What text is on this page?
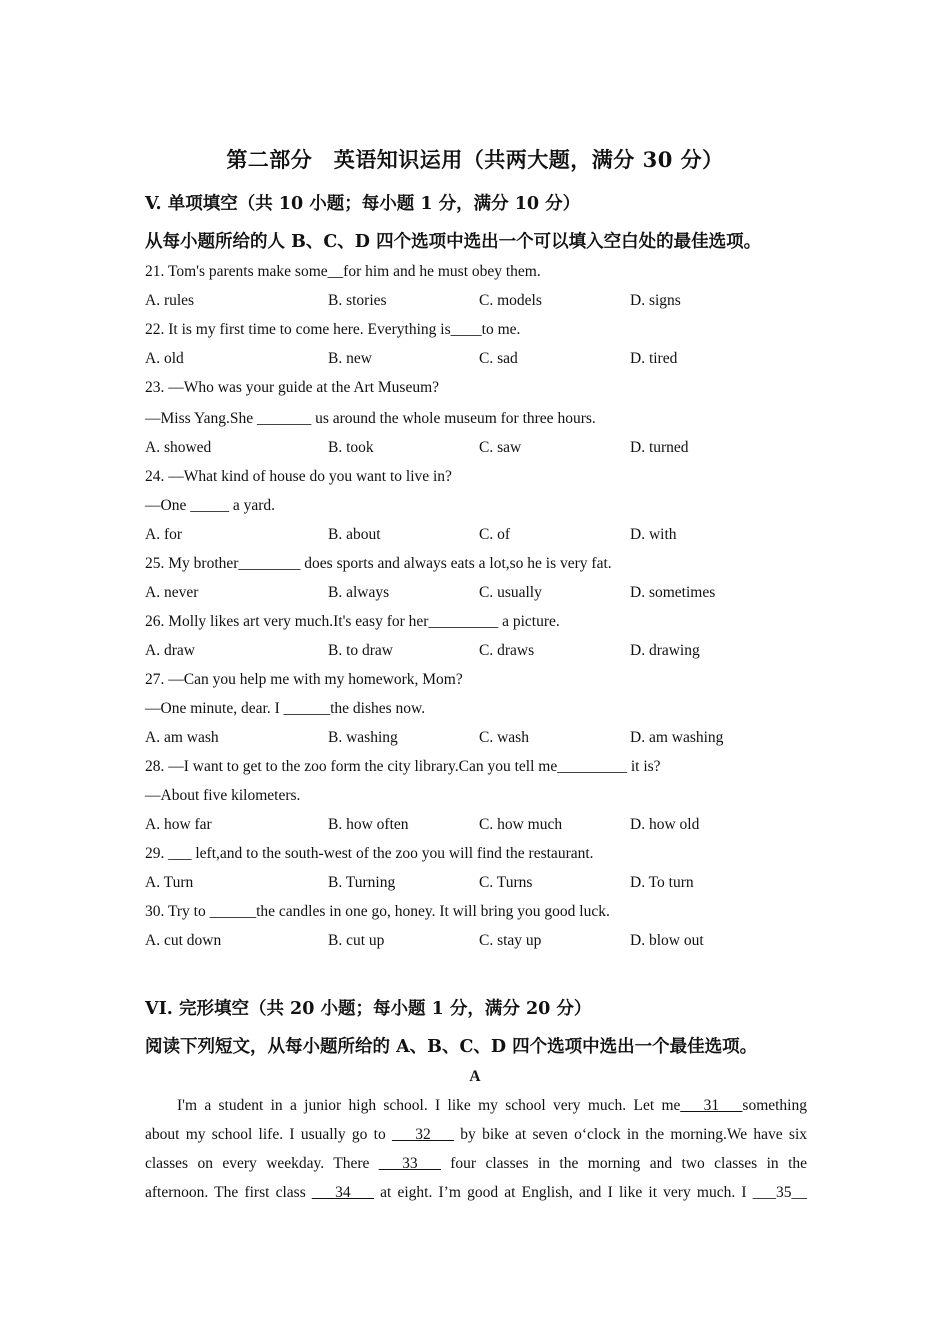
第二部分　英语知识运用（共两大题，满分 30 分）
V. 单项填空（共 10 小题；每小题 1 分，满分 10 分）
从每小题所给的人 B、C、D 四个选项中选出一个可以填入空白处的最佳选项。
21. Tom's parents make some__for him and he must obey them.
A. rules	B. stories	C. models	D. signs
22. It is my first time to come here. Everything is____to me.
A. old	B. new	C. sad	D. tired
23. —Who was your guide at the Art Museum?
—Miss Yang.She _______ us around the whole museum for three hours.
A. showed	B. took	C. saw	D. turned
24. —What kind of house do you want to live in?
—One _____ a yard.
A. for	B. about	C. of	D. with
25. My brother________ does sports and always eats a lot,so he is very fat.
A. never	B. always	C. usually	D. sometimes
26. Molly likes art very much.It's easy for her_________ a picture.
A. draw	B. to draw	C. draws	D. drawing
27. —Can you help me with my homework, Mom?
—One minute, dear. I ______the dishes now.
A. am wash	B. washing	C. wash	D. am washing
28. —I want to get to the zoo form the city library.Can you tell me_________ it is?
—About five kilometers.
A. how far	B. how often	C. how much	D. how old
29. ___ left,and to the south-west of the zoo you will find the restaurant.
A. Turn	B. Turning	C. Turns	D. To turn
30. Try to ______the candles in one go, honey. It will bring you good luck.
A. cut down	B. cut up	C. stay up	D. blow out
VI. 完形填空（共 20 小题；每小题 1 分，满分 20 分）
阅读下列短文，从每小题所给的 A、B、C、D 四个选项中选出一个最佳选项。
A
I'm a student in a junior high school. I like my school very much. Let me___31___something
about my school life. I usually go to ___32___ by bike at seven o‘clock in the morning.We have six
classes on every weekday. There ___33___ four classes in the morning and two classes in the
afternoon. The first class ___34___ at eight. I’m good at English, and I like it very much. I ___35__
